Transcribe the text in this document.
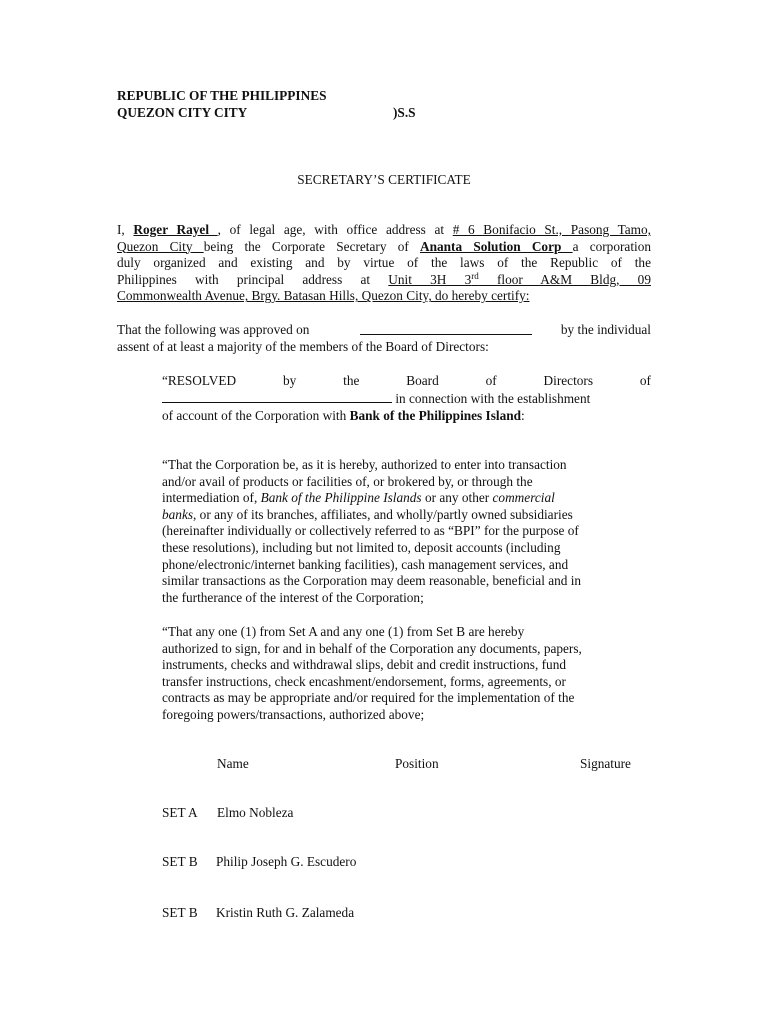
REPUBLIC OF THE PHILIPPINES
QUEZON CITY CITY	)S.S
SECRETARY’S CERTIFICATE
I, Roger Rayel , of legal age, with office address at # 6 Bonifacio St., Pasong Tamo,
Quezon City being the Corporate Secretary of Ananta Solution Corp a corporation
duly organized and existing and by virtue of the laws of the Republic of the
Philippines with principal address at Unit 3H 3rd floor A&M Bldg, 09
Commonwealth Avenue, Brgy. Batasan Hills, Quezon City, do hereby certify:
That the following was approved on	by the individual
assent of at least a majority of the members of the Board of Directors:
“RESOLVED	by	the	Board	of	Directors	of
in connection with the establishment
of account of the Corporation with Bank of the Philippines Island:
“That the Corporation be, as it is hereby, authorized to enter into transaction
and/or avail of products or facilities of, or brokered by, or through the
intermediation of, Bank of the Philippine Islands or any other commercial
banks, or any of its branches, affiliates, and wholly/partly owned subsidiaries
(hereinafter individually or collectively referred to as “BPI” for the purpose of
these resolutions), including but not limited to, deposit accounts (including
phone/electronic/internet banking facilities), cash management services, and
similar transactions as the Corporation may deem reasonable, beneficial and in
the furtherance of the interest of the Corporation;
“That any one (1) from Set A and any one (1) from Set B are hereby
authorized to sign, for and in behalf of the Corporation any documents, papers,
instruments, checks and withdrawal slips, debit and credit instructions, fund
transfer instructions, check encashment/endorsement, forms, agreements, or
contracts as may be appropriate and/or required for the implementation of the
foregoing powers/transactions, authorized above;
Name	Position	Signature
SET A Elmo Nobleza
SET B Philip Joseph G. Escudero
SET B Kristin Ruth G. Zalameda
